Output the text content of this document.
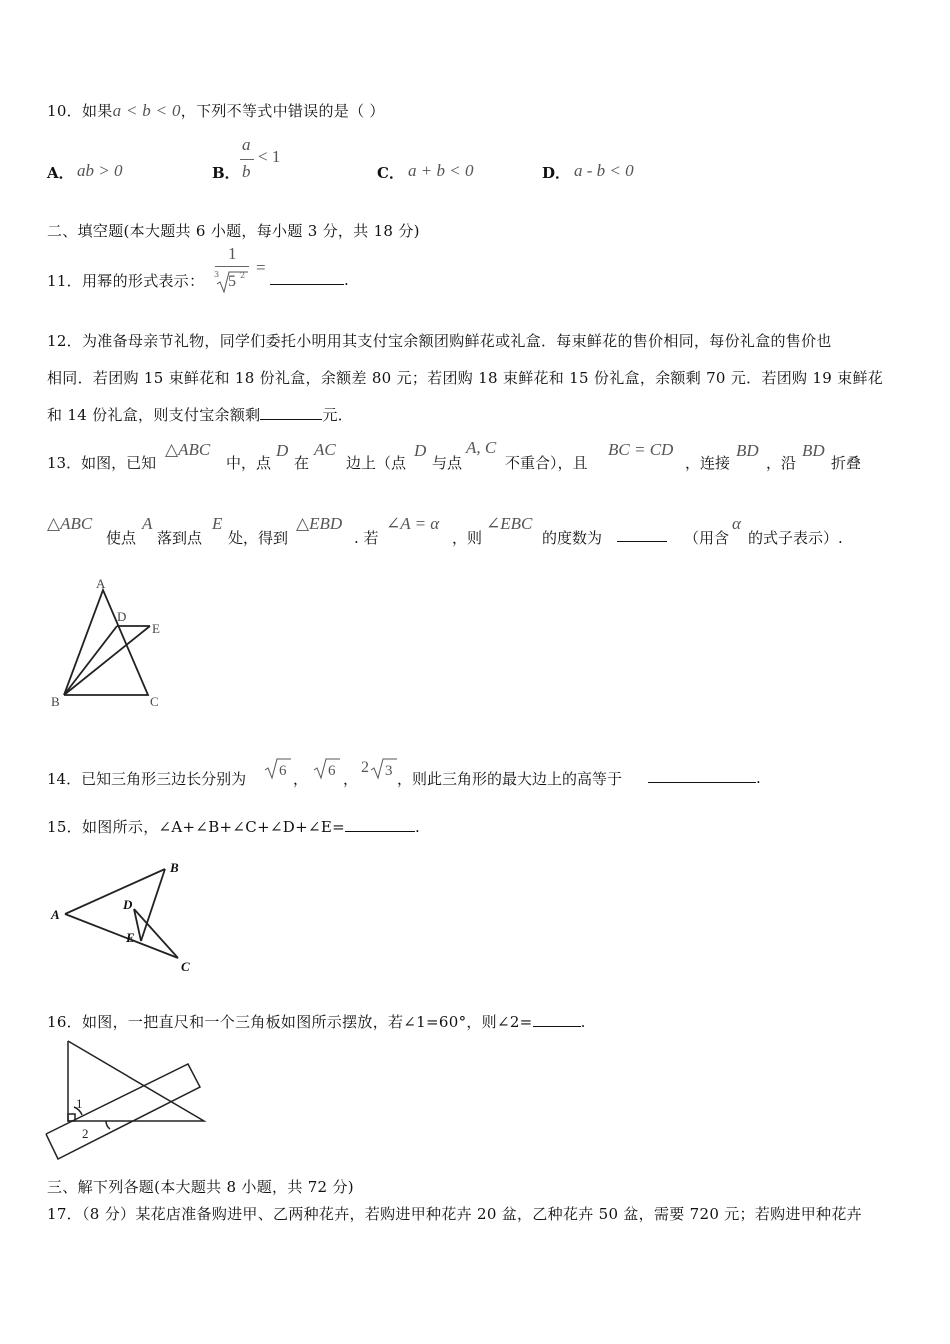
10．如果a < b < 0，下列不等式中错误的是（ ）
A． ab > 0	B．
a
b
< 1
C． a + b < 0	D． a - b < 0
二、填空题(本大题共 6 小题，每小题 3 分，共 18 分)
11．用幂的形式表示：
1
3 5 2 =
.
12．为准备母亲节礼物，同学们委托小明用其支付宝余额团购鲜花或礼盒．每束鲜花的售价相同，每份礼盒的售价也
相同．若团购 15 束鲜花和 18 份礼盒，余额差 80 元；若团购 18 束鲜花和 15 份礼盒，余额剩 70 元．若团购 19 束鲜花
和 14 份礼盒，则支付宝余额剩	元．
13．如图，已知
△ABC
中，点
D
在
AC
边上（点
D
与点
A, C
不重合），且
BC = CD
，连接
BD
，沿
BD
折叠
△ABC
使点
A
落到点
E
处，得到
△EBD
. 若
∠A = α
，则
∠EBC
的度数为	（用含
α
的式子表示）.
A
D
E
B	C
14．已知三角形三边长分别为 6 ， 6 ，
2 3 ，则此三角形的最大边上的高等于	.
15．如图所示，∠A+∠B+∠C+∠D+∠E=	.
A
B
D
E
C
16．如图，一把直尺和一个三角板如图所示摆放，若∠1=60°，则∠2=	.
1
2
三、解下列各题(本大题共 8 小题，共 72 分)
17．（8 分）某花店准备购进甲、乙两种花卉，若购进甲种花卉 20 盆，乙种花卉 50 盆，需要 720 元；若购进甲种花卉
